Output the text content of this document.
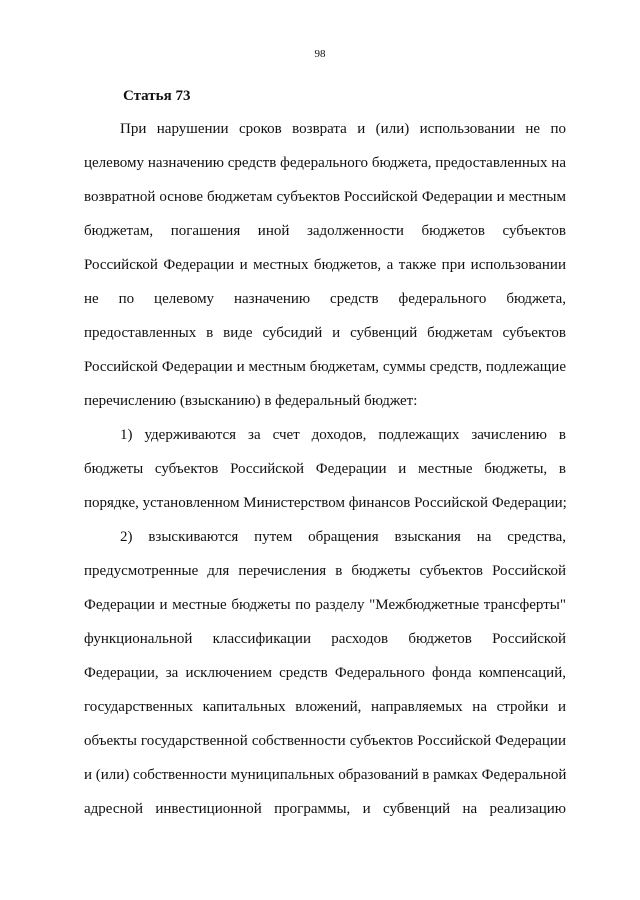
98
Статья 73
При нарушении сроков возврата и (или) использовании не по
целевому назначению средств федерального бюджета, предоставленных на
возвратной основе бюджетам субъектов Российской Федерации и местным
бюджетам, погашения иной задолженности бюджетов субъектов
Российской Федерации и местных бюджетов, а также при использовании
не по целевому назначению средств федерального бюджета,
предоставленных в виде субсидий и субвенций бюджетам субъектов
Российской Федерации и местным бюджетам, суммы средств, подлежащие
перечислению (взысканию) в федеральный бюджет:
1) удерживаются за счет доходов, подлежащих зачислению в
бюджеты субъектов Российской Федерации и местные бюджеты, в
порядке, установленном Министерством финансов Российской Федерации;
2) взыскиваются путем обращения взыскания на средства,
предусмотренные для перечисления в бюджеты субъектов Российской
Федерации и местные бюджеты по разделу "Межбюджетные трансферты"
функциональной классификации расходов бюджетов Российской
Федерации, за исключением средств Федерального фонда компенсаций,
государственных капитальных вложений, направляемых на стройки и
объекты государственной собственности субъектов Российской Федерации
и (или) собственности муниципальных образований в рамках Федеральной
адресной инвестиционной программы, и субвенций на реализацию
